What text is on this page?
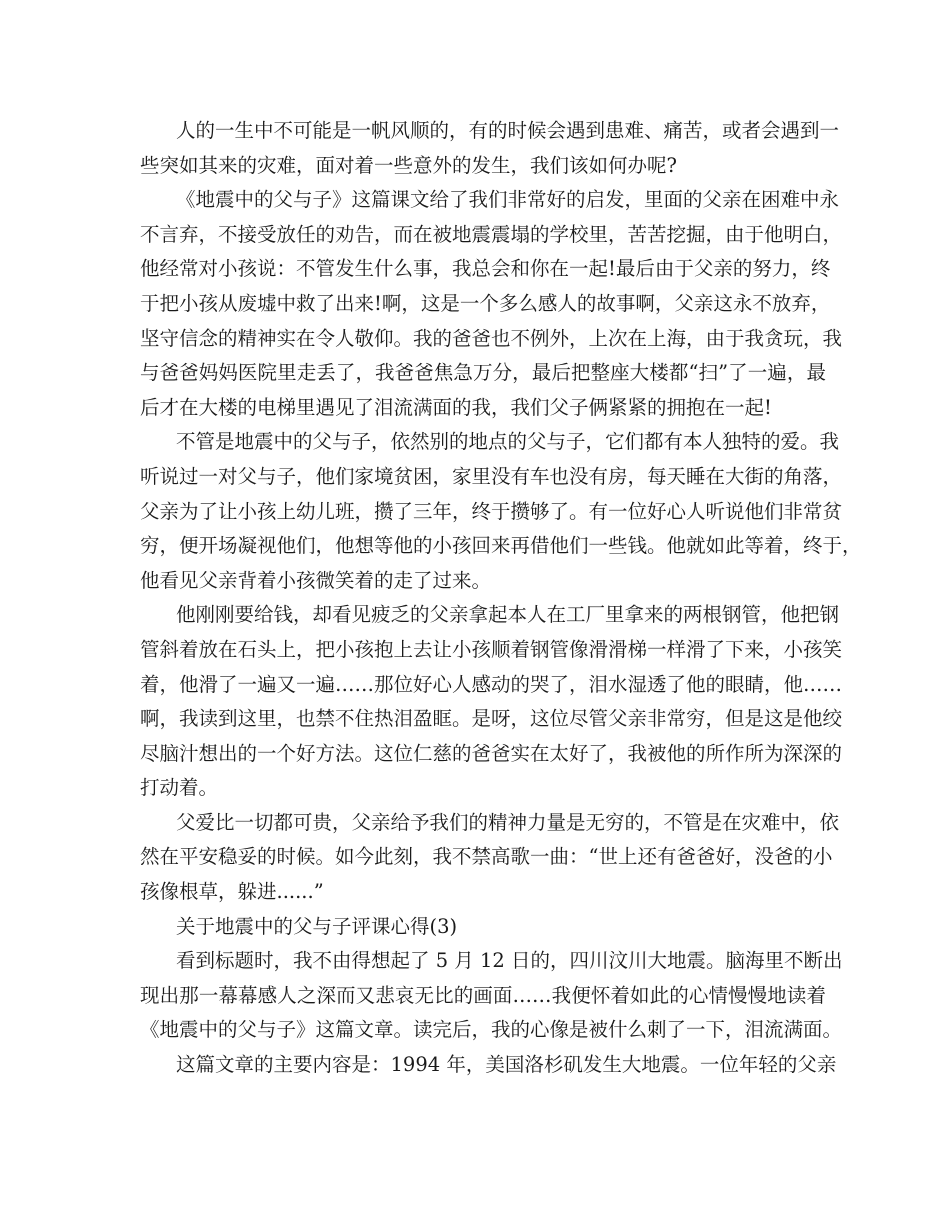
人的一生中不可能是一帆风顺的，有的时候会遇到患难、痛苦，或者会遇到一
些突如其来的灾难，面对着一些意外的发生，我们该如何办呢?
《地震中的父与子》这篇课文给了我们非常好的启发，里面的父亲在困难中永
不言弃，不接受放任的劝告，而在被地震震塌的学校里，苦苦挖掘，由于他明白，
他经常对小孩说：不管发生什么事，我总会和你在一起!最后由于父亲的努力，终
于把小孩从废墟中救了出来!啊，这是一个多么感人的故事啊，父亲这永不放弃，
坚守信念的精神实在令人敬仰。我的爸爸也不例外，上次在上海，由于我贪玩，我
与爸爸妈妈医院里走丢了，我爸爸焦急万分，最后把整座大楼都“扫”了一遍，最
后才在大楼的电梯里遇见了泪流满面的我，我们父子俩紧紧的拥抱在一起!
不管是地震中的父与子，依然别的地点的父与子，它们都有本人独特的爱。我
听说过一对父与子，他们家境贫困，家里没有车也没有房，每天睡在大街的角落，
父亲为了让小孩上幼儿班，攒了三年，终于攒够了。有一位好心人听说他们非常贫
穷，便开场凝视他们，他想等他的小孩回来再借他们一些钱。他就如此等着，终于，
他看见父亲背着小孩微笑着的走了过来。
他刚刚要给钱，却看见疲乏的父亲拿起本人在工厂里拿来的两根钢管，他把钢
管斜着放在石头上，把小孩抱上去让小孩顺着钢管像滑滑梯一样滑了下来，小孩笑
着，他滑了一遍又一遍……那位好心人感动的哭了，泪水湿透了他的眼睛，他……
啊，我读到这里，也禁不住热泪盈眶。是呀，这位尽管父亲非常穷，但是这是他绞
尽脑汁想出的一个好方法。这位仁慈的爸爸实在太好了，我被他的所作所为深深的
打动着。
父爱比一切都可贵，父亲给予我们的精神力量是无穷的，不管是在灾难中，依
然在平安稳妥的时候。如今此刻，我不禁高歌一曲：“世上还有爸爸好，没爸的小
孩像根草，躲进......”
关于地震中的父与子评课心得(3)
看到标题时，我不由得想起了 5 月 12 日的，四川汶川大地震。脑海里不断出
现出那一幕幕感人之深而又悲哀无比的画面……我便怀着如此的心情慢慢地读着
《地震中的父与子》这篇文章。读完后，我的心像是被什么刺了一下，泪流满面。
这篇文章的主要内容是：1994 年，美国洛杉矶发生大地震。一位年轻的父亲
